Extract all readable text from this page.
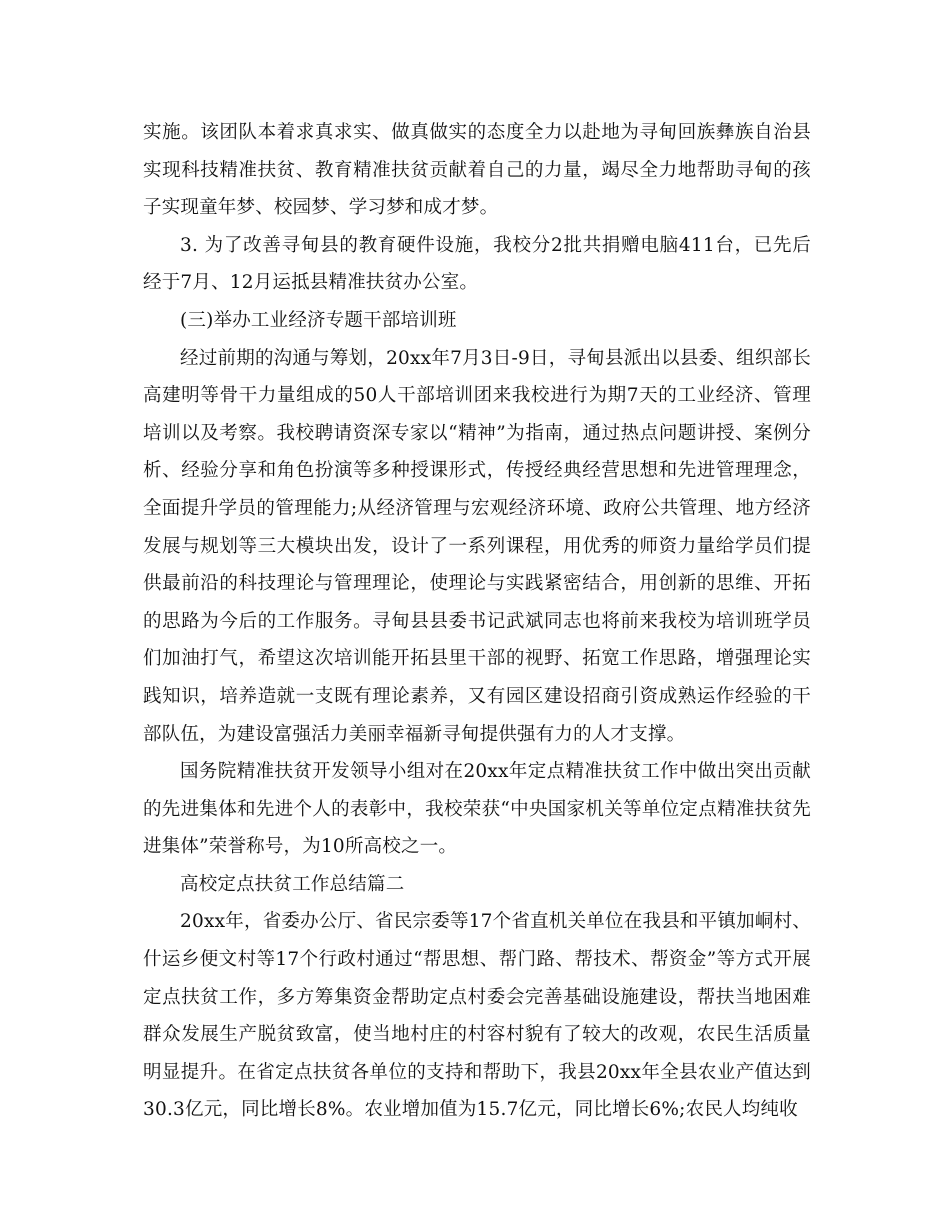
实施。该团队本着求真求实、做真做实的态度全力以赴地为寻甸回族彝族自治县实现科技精准扶贫、教育精准扶贫贡献着自己的力量，竭尽全力地帮助寻甸的孩子实现童年梦、校园梦、学习梦和成才梦。

3. 为了改善寻甸县的教育硬件设施，我校分2批共捐赠电脑411台，已先后经于7月、12月运抵县精准扶贫办公室。

(三)举办工业经济专题干部培训班

经过前期的沟通与筹划，20xx年7月3日-9日，寻甸县派出以县委、组织部长高建明等骨干力量组成的50人干部培训团来我校进行为期7天的工业经济、管理培训以及考察。我校聘请资深专家以“精神”为指南，通过热点问题讲授、案例分析、经验分享和角色扮演等多种授课形式，传授经典经营思想和先进管理理念，全面提升学员的管理能力;从经济管理与宏观经济环境、政府公共管理、地方经济发展与规划等三大模块出发，设计了一系列课程，用优秀的师资力量给学员们提供最前沿的科技理论与管理理论，使理论与实践紧密结合，用创新的思维、开拓的思路为今后的工作服务。寻甸县县委书记武斌同志也将前来我校为培训班学员们加油打气，希望这次培训能开拓县里干部的视野、拓宽工作思路，增强理论实践知识，培养造就一支既有理论素养，又有园区建设招商引资成熟运作经验的干部队伍，为建设富强活力美丽幸福新寻甸提供强有力的人才支撑。

国务院精准扶贫开发领导小组对在20xx年定点精准扶贫工作中做出突出贡献的先进集体和先进个人的表彰中，我校荣获“中央国家机关等单位定点精准扶贫先进集体”荣誉称号，为10所高校之一。

高校定点扶贫工作总结篇二

20xx年，省委办公厅、省民宗委等17个省直机关单位在我县和平镇加峒村、什运乡便文村等17个行政村通过“帮思想、帮门路、帮技术、帮资金”等方式开展定点扶贫工作，多方筹集资金帮助定点村委会完善基础设施建设，帮扶当地困难群众发展生产脱贫致富，使当地村庄的村容村貌有了较大的改观，农民生活质量明显提升。在省定点扶贫各单位的支持和帮助下，我县20xx年全县农业产值达到30.3亿元，同比增长8%。农业增加值为15.7亿元，同比增长6%;农民人均纯收
